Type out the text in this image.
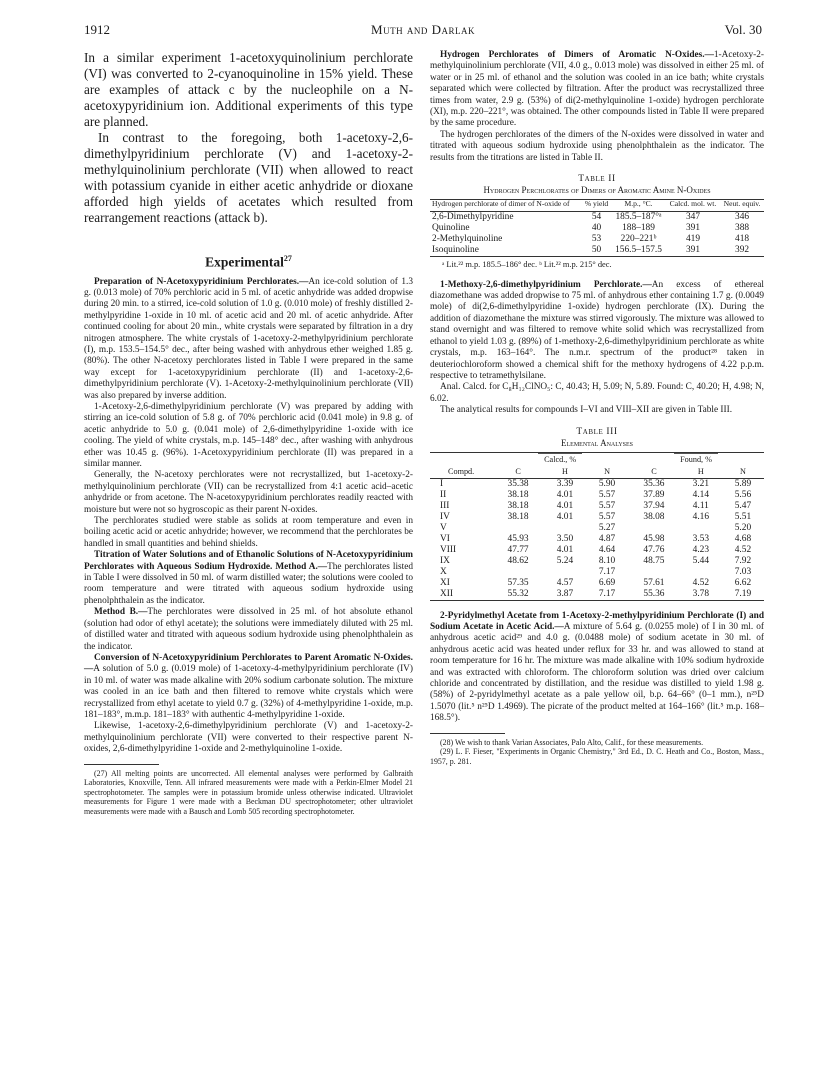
1912	Muth and Darlak	Vol. 30

In a similar experiment 1-acetoxyquinolinium perchlorate (VI) was converted to 2-cyanoquinoline in 15% yield. These are examples of attack c by the nucleophile on a N-acetoxypyridinium ion. Additional experiments of this type are planned.

In contrast to the foregoing, both 1-acetoxy-2,6-dimethylpyridinium perchlorate (V) and 1-acetoxy-2-methylquinolinium perchlorate (VII) when allowed to react with potassium cyanide in either acetic anhydride or dioxane afforded high yields of acetates which resulted from rearrangement reactions (attack b).

Experimental$^{27}$

Preparation of N-Acetoxypyridinium Perchlorates.—An ice-cold solution of 1.3 g. (0.013 mole) of 70% perchloric acid in 5 ml. of acetic anhydride was added dropwise during 20 min. to a stirred, ice-cold solution of 1.0 g. (0.010 mole) of freshly distilled 2-methylpyridine 1-oxide in 10 ml. of acetic acid and 20 ml. of acetic anhydride. After continued cooling for about 20 min., white crystals were separated by filtration in a dry nitrogen atmosphere. The white crystals of 1-acetoxy-2-methylpyridinium perchlorate (I), m.p. 153.5–154.5° dec., after being washed with anhydrous ether weighed 1.85 g. (80%). The other N-acetoxy perchlorates listed in Table I were prepared in the same way except for 1-acetoxypyridinium perchlorate (II) and 1-acetoxy-2,6-dimethylpyridinium perchlorate (V). 1-Acetoxy-2-methylquinolinium perchlorate (VII) was also prepared by inverse addition.

1-Acetoxy-2,6-dimethylpyridinium perchlorate (V) was prepared by adding with stirring an ice-cold solution of 5.8 g. of 70% perchloric acid (0.041 mole) in 9.8 g. of acetic anhydride to 5.0 g. (0.041 mole) of 2,6-dimethylpyridine 1-oxide with ice cooling. The yield of white crystals, m.p. 145–148° dec., after washing with anhydrous ether was 10.45 g. (96%). 1-Acetoxypyridinium perchlorate (II) was prepared in a similar manner.

Generally, the N-acetoxy perchlorates were not recrystallized, but 1-acetoxy-2-methylquinolinium perchlorate (VII) can be recrystallized from 4:1 acetic acid–acetic anhydride or from acetone. The N-acetoxypyridinium perchlorates readily reacted with moisture but were not so hygroscopic as their parent N-oxides.

The perchlorates studied were stable as solids at room temperature and even in boiling acetic acid or acetic anhydride; however, we recommend that the perchlorates be handled in small quantities and behind shields.

Titration of Water Solutions and of Ethanolic Solutions of N-Acetoxypyridinium Perchlorates with Aqueous Sodium Hydroxide. Method A.—The perchlorates listed in Table I were dissolved in 50 ml. of warm distilled water; the solutions were cooled to room temperature and were titrated with aqueous sodium hydroxide using phenolphthalein as the indicator.

Method B.—The perchlorates were dissolved in 25 ml. of hot absolute ethanol (solution had odor of ethyl acetate); the solutions were immediately diluted with 25 ml. of distilled water and titrated with aqueous sodium hydroxide using phenolphthalein as the indicator.

Conversion of N-Acetoxypyridinium Perchlorates to Parent Aromatic N-Oxides.—A solution of 5.0 g. (0.019 mole) of 1-acetoxy-4-methylpyridinium perchlorate (IV) in 10 ml. of water was made alkaline with 20% sodium carbonate solution. The mixture was cooled in an ice bath and then filtered to remove white crystals which were recrystallized from ethyl acetate to yield 0.7 g. (32%) of 4-methylpyridine 1-oxide, m.p. 181–183°, m.m.p. 181–183° with authentic 4-methylpyridine 1-oxide.

Likewise, 1-acetoxy-2,6-dimethylpyridinium perchlorate (V) and 1-acetoxy-2-methylquinolinium perchlorate (VII) were converted to their respective parent N-oxides, 2,6-dimethylpyridine 1-oxide and 2-methylquinoline 1-oxide.

(27) All melting points are uncorrected. All elemental analyses were performed by Galbraith Laboratories, Knoxville, Tenn. All infrared measurements were made with a Perkin-Elmer Model 21 spectrophotometer. The samples were in potassium bromide unless otherwise indicated. Ultraviolet measurements for Figure 1 were made with a Beckman DU spectrophotometer; other ultraviolet measurements were made with a Bausch and Lomb 505 recording spectrophotometer.

Hydrogen Perchlorates of Dimers of Aromatic N-Oxides.—1-Acetoxy-2-methylquinolinium perchlorate (VII, 4.0 g., 0.013 mole) was dissolved in either 25 ml. of water or in 25 ml. of ethanol and the solution was cooled in an ice bath; white crystals separated which were collected by filtration. After the product was recrystallized three times from water, 2.9 g. (53%) of di(2-methylquinoline 1-oxide) hydrogen perchlorate (XI), m.p. 220–221°, was obtained. The other compounds listed in Table II were prepared by the same procedure.

The hydrogen perchlorates of the dimers of the N-oxides were dissolved in water and titrated with aqueous sodium hydroxide using phenolphthalein as the indicator. The results from the titrations are listed in Table II.

Table II
Hydrogen Perchlorates of Dimers of Aromatic Amine N-Oxides
Hydrogen perchlorate of dimer of N-oxide of	% yield	M.p., °C.	Calcd. mol. wt.	Neut. equiv.
2,6-Dimethylpyridine	54	185.5–187°ᵃ	347	346
Quinoline	40	188–189	391	388
2-Methylquinoline	53	220–221ᵇ	419	418
Isoquinoline	50	156.5–157.5	391	392
ᵃ Lit.²² m.p. 185.5–186° dec. ᵇ Lit.²² m.p. 215° dec.

1-Methoxy-2,6-dimethylpyridinium Perchlorate.—An excess of ethereal diazomethane was added dropwise to 75 ml. of anhydrous ether containing 1.7 g. (0.0049 mole) of di(2,6-dimethylpyridine 1-oxide) hydrogen perchlorate (IX). During the addition of diazomethane the mixture was stirred vigorously. The mixture was allowed to stand overnight and was filtered to remove white solid which was recrystallized from ethanol to yield 1.03 g. (89%) of 1-methoxy-2,6-dimethylpyridinium perchlorate as white crystals, m.p. 163–164°. The n.m.r. spectrum of the product²⁸ taken in deuteriochloroform showed a chemical shift for the methoxy hydrogens of 4.22 p.p.m. respective to tetramethylsilane.

Anal. Calcd. for C₈H₁₂ClNO₅: C, 40.43; H, 5.09; N, 5.89. Found: C, 40.20; H, 4.98; N, 6.02.

The analytical results for compounds I–VI and VIII–XII are given in Table III.

Table III
Elemental Analyses
	Calcd., %			Found, %		
Compd.	C	H	N	C	H	N
I	35.38	3.39	5.90	35.36	3.21	5.89
II	38.18	4.01	5.57	37.89	4.14	5.56
III	38.18	4.01	5.57	37.94	4.11	5.47
IV	38.18	4.01	5.57	38.08	4.16	5.51
V			5.27			5.20
VI	45.93	3.50	4.87	45.98	3.53	4.68
VIII	47.77	4.01	4.64	47.76	4.23	4.52
IX	48.62	5.24	8.10	48.75	5.44	7.92
X			7.17			7.03
XI	57.35	4.57	6.69	57.61	4.52	6.62
XII	55.32	3.87	7.17	55.36	3.78	7.19

2-Pyridylmethyl Acetate from 1-Acetoxy-2-methylpyridinium Perchlorate (I) and Sodium Acetate in Acetic Acid.—A mixture of 5.64 g. (0.0255 mole) of I in 30 ml. of anhydrous acetic acid²⁹ and 4.0 g. (0.0488 mole) of sodium acetate in 30 ml. of anhydrous acetic acid was heated under reflux for 33 hr. and was allowed to stand at room temperature for 16 hr. The mixture was made alkaline with 10% sodium hydroxide and was extracted with chloroform. The chloroform solution was dried over calcium chloride and concentrated by distillation, and the residue was distilled to yield 1.98 g. (58%) of 2-pyridylmethyl acetate as a pale yellow oil, b.p. 64–66° (0–1 mm.), n²⁵D 1.5070 (lit.⁵ n²⁵D 1.4969). The picrate of the product melted at 164–166° (lit.⁵ m.p. 168–168.5°).

(28) We wish to thank Varian Associates, Palo Alto, Calif., for these measurements.

(29) L. F. Fieser, "Experiments in Organic Chemistry," 3rd Ed., D. C. Heath and Co., Boston, Mass., 1957, p. 281.
